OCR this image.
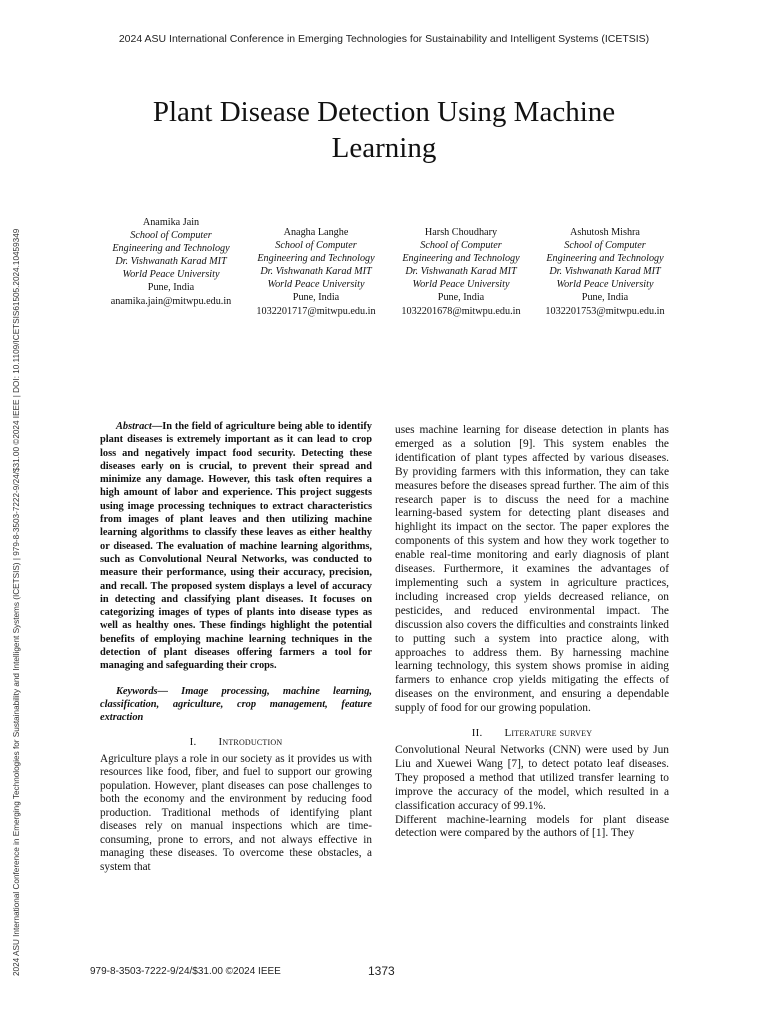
2024 ASU International Conference in Emerging Technologies for Sustainability and Intelligent Systems (ICETSIS)
2024 ASU International Conference in Emerging Technologies for Sustainability and Intelligent Systems (ICETSIS) | 979-8-3503-7222-9/24/$31.00 ©2024 IEEE | DOI: 10.1109/ICETSIS61505.2024.10459349
Plant Disease Detection Using Machine Learning
Anamika Jain
School of Computer
Engineering and Technology
Dr. Vishwanath Karad MIT
World Peace University
Pune, India
anamika.jain@mitwpu.edu.in
Anagha Langhe
School of Computer
Engineering and Technology
Dr. Vishwanath Karad MIT
World Peace University
Pune, India
1032201717@mitwpu.edu.in
Harsh Choudhary
School of Computer
Engineering and Technology
Dr. Vishwanath Karad MIT
World Peace University
Pune, India
1032201678@mitwpu.edu.in
Ashutosh Mishra
School of Computer
Engineering and Technology
Dr. Vishwanath Karad MIT
World Peace University
Pune, India
1032201753@mitwpu.edu.in

Abstract—In the field of agriculture being able to identify plant diseases is extremely important as it can lead to crop loss and negatively impact food security. Detecting these diseases early on is crucial, to prevent their spread and minimize any damage. However, this task often requires a high amount of labor and experience. This project suggests using image processing techniques to extract characteristics from images of plant leaves and then utilizing machine learning algorithms to classify these leaves as either healthy or diseased. The evaluation of machine learning algorithms, such as Convolutional Neural Networks, was conducted to measure their performance, using their accuracy, precision, and recall. The proposed system displays a level of accuracy in detecting and classifying plant diseases. It focuses on categorizing images of types of plants into disease types as well as healthy ones. These findings highlight the potential benefits of employing machine learning techniques in the detection of plant diseases offering farmers a tool for managing and safeguarding their crops.

Keywords— Image processing, machine learning, classification, agriculture, crop management, feature extraction

I. Introduction

Agriculture plays a role in our society as it provides us with resources like food, fiber, and fuel to support our growing population. However, plant diseases can pose challenges to both the economy and the environment by reducing food production. Traditional methods of identifying plant diseases rely on manual inspections which are time-consuming, prone to errors, and not always effective in managing these diseases. To overcome these obstacles, a system that

uses machine learning for disease detection in plants has emerged as a solution [9]. This system enables the identification of plant types affected by various diseases. By providing farmers with this information, they can take measures before the diseases spread further. The aim of this research paper is to discuss the need for a machine learning-based system for detecting plant diseases and highlight its impact on the sector. The paper explores the components of this system and how they work together to enable real-time monitoring and early diagnosis of plant diseases. Furthermore, it examines the advantages of implementing such a system in agriculture practices, including increased crop yields decreased reliance, on pesticides, and reduced environmental impact. The discussion also covers the difficulties and constraints linked to putting such a system into practice along, with approaches to address them. By harnessing machine learning technology, this system shows promise in aiding farmers to enhance crop yields mitigating the effects of diseases on the environment, and ensuring a dependable supply of food for our growing population.

II. Literature survey

Convolutional Neural Networks (CNN) were used by Jun Liu and Xuewei Wang [7], to detect potato leaf diseases. They proposed a method that utilized transfer learning to improve the accuracy of the model, which resulted in a classification accuracy of 99.1%.

Different machine-learning models for plant disease detection were compared by the authors of [1]. They

979-8-3503-7222-9/24/$31.00 ©2024 IEEE	1373
